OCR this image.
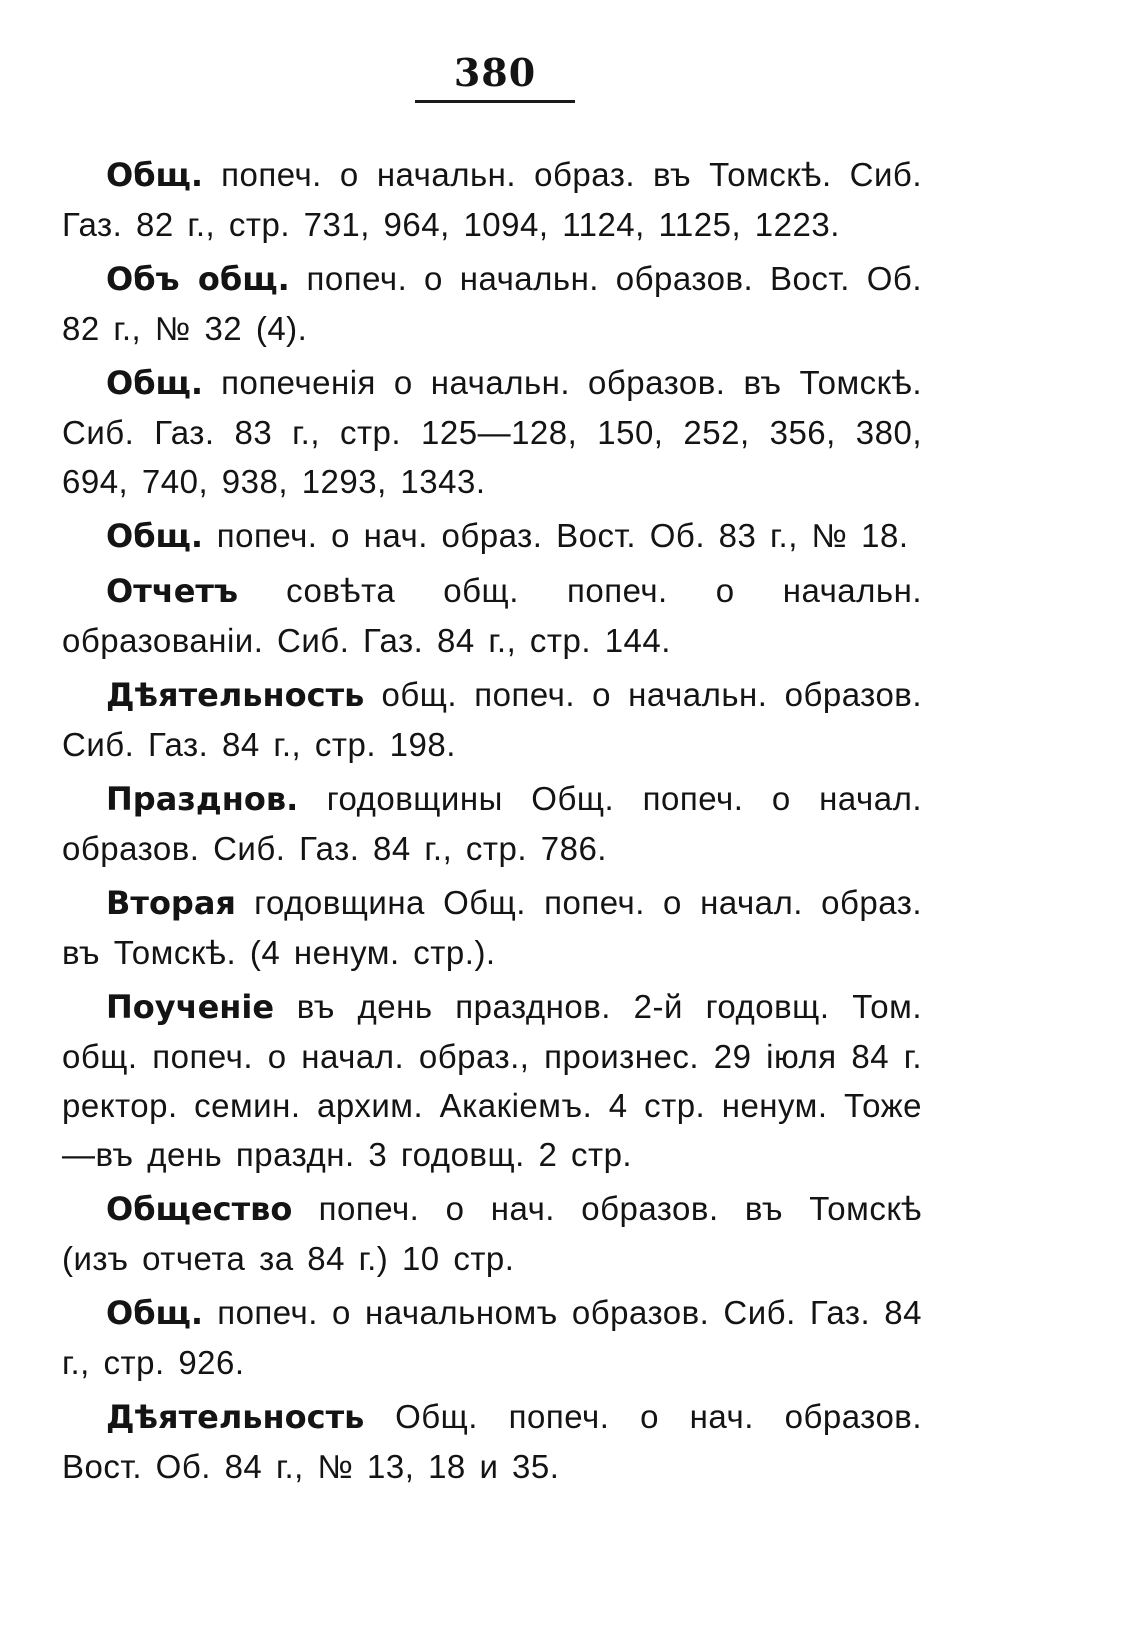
380

Общ. попеч. о начальн. образ. въ Томскѣ. Сиб. Газ. 82 г., стр. 731, 964, 1094, 1124, 1125, 1223.

Объ общ. попеч. о начальн. образов. Вост. Об. 82 г., № 32 (4).

Общ. попеченія о начальн. образов. въ Томскѣ. Сиб. Газ. 83 г., стр. 125—128, 150, 252, 356, 380, 694, 740, 938, 1293, 1343.

Общ. попеч. о нач. образ. Вост. Об. 83 г., № 18.

Отчетъ совѣта общ. попеч. о начальн. образованіи. Сиб. Газ. 84 г., стр. 144.

Дѣятельность общ. попеч. о начальн. образов. Сиб. Газ. 84 г., стр. 198.

Празднов. годовщины Общ. попеч. о начал. образов. Сиб. Газ. 84 г., стр. 786.

Вторая годовщина Общ. попеч. о начал. образ. въ Томскѣ. (4 ненум. стр.).

Поученіе въ день празднов. 2-й годовщ. Том. общ. попеч. о начал. образ., произнес. 29 іюля 84 г. ректор. семин. архим. Акакіемъ. 4 стр. ненум. Тоже—въ день праздн. 3 годовщ. 2 стр.

Общество попеч. о нач. образов. въ Томскѣ (изъ отчета за 84 г.) 10 стр.

Общ. попеч. о начальномъ образов. Сиб. Газ. 84 г., стр. 926.

Дѣятельность Общ. попеч. о нач. образов. Вост. Об. 84 г., № 13, 18 и 35.
